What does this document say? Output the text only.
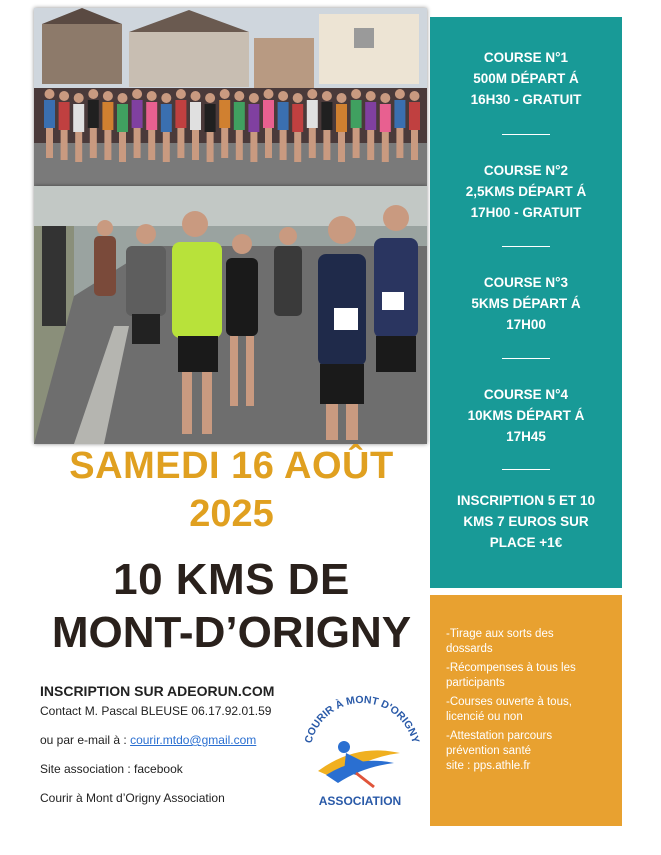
COURSE N°1
500M DÉPART Á
16H30 - GRATUIT
COURSE N°2
2,5KMS DÉPART Á
17H00 - GRATUIT
COURSE N°3
5KMS DÉPART Á
17H00
COURSE N°4
10KMS DÉPART Á
17H45
INSCRIPTION 5 ET 10
KMS 7 EUROS SUR
PLACE +1€
-Tirage aux sorts des
dossards
-Récompenses à tous les
participants
-Courses ouverte à tous,
licencié ou non
-Attestation parcours
prévention santé
site : pps.athle.fr
SAMEDI 16 AOÛT
2025
10 KMS DE
MONT-D’ORIGNY
INSCRIPTION SUR ADEORUN.COM
Contact M. Pascal BLEUSE 06.17.92.01.59
ou par e-mail à : courir.mtdo@gmail.com
Site association : facebook
Courir à Mont d’Origny Association
COURIR À MONT D'ORIGNY
ASSOCIATION
